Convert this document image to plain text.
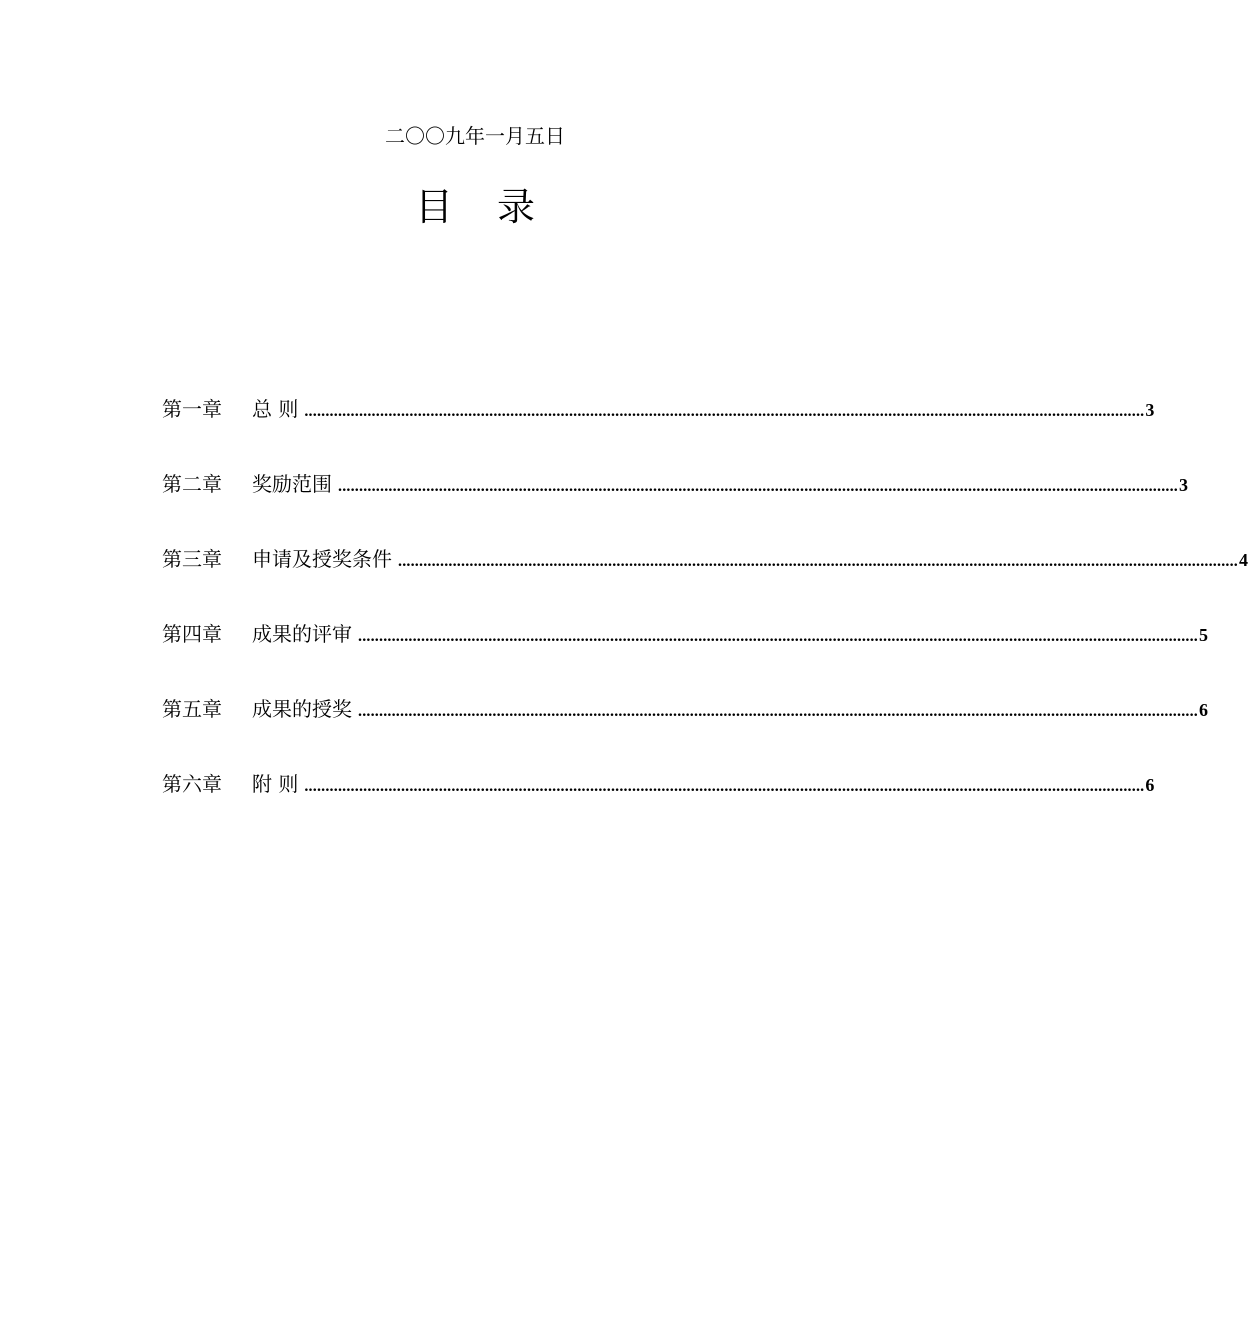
二〇〇九年一月五日
目 录
第一章	总 则 ........................................................................................................................................................................................................ 3
第二章	奖励范围 ........................................................................................................................................................................................................ 3
第三章	申请及授奖条件 ........................................................................................................................................................................................................ 4
第四章	成果的评审 ........................................................................................................................................................................................................ 5
第五章	成果的授奖 ........................................................................................................................................................................................................ 6
第六章	附 则 ........................................................................................................................................................................................................ 6
